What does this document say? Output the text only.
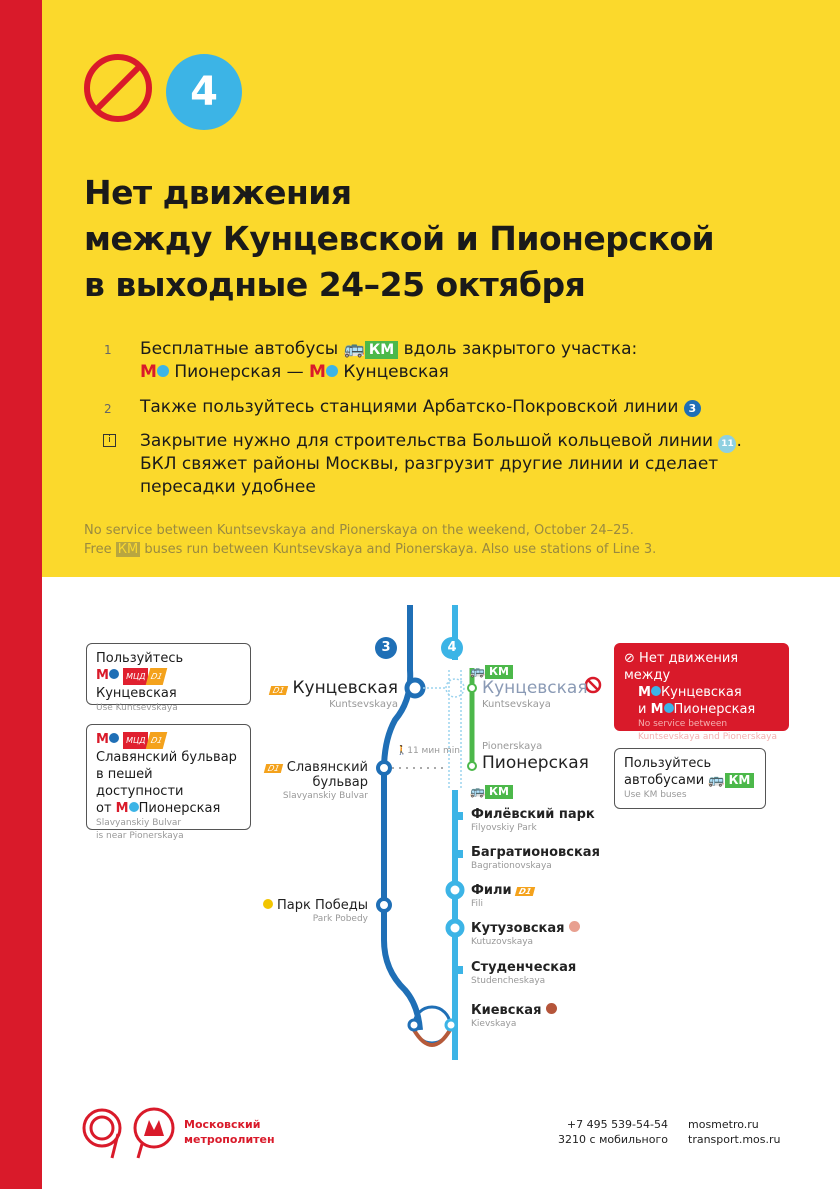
4
Нет движения
между Кунцевской и Пионерской
в выходные 24–25 октября
1 Бесплатные автобусы 🚌 КМ вдоль закрытого участка:
M Пионерская — M Кунцевская
2 Также пользуйтесь станциями Арбатско-Покровской линии 3
i	Закрытие нужно для строительства Большой кольцевой линии 11 .
БКЛ свяжет районы Москвы, разгрузит другие линии и сделает
пересадки удобнее
No service between Kuntsevskaya and Pionerskaya on the weekend, October 24–25.
Free КМ buses run between Kuntsevskaya and Pionerskaya. Also use stations of Line 3.
3	4
D1 Кунцевская
Kuntsevskaya
D1 Славянский
бульвар
Slavyanskiy Bulvar
🚶11 мин min
Парк Победы
Park Pobedy
🚌 КМ
Кунцевская
Kuntsevskaya
Pionerskaya
Пионерская
🚌 КМ
Филёвский парк
Filyovskiy Park
Багратионовская
Bagrationovskaya
Фили D1
Fili
Кутузовская
Kutuzovskaya
Студенческая
Studencheskaya
Киевская
Kievskaya
Пользуйтесь
M МЦД D1 Кунцевская
Use Kuntsevskaya
M МЦД D1
Славянский бульвар
в пешей доступности
от M Пионерская
Slavyanskiy Bulvar
is near Pionerskaya
⊘ Нет движения между
M Кунцевская
и M Пионерская
No service between
Kuntsevskaya and Pionerskaya
Пользуйтесь
автобусами 🚌 КМ
Use KM buses
Московский
метрополитен
+7 495 539-54-54
3210 с мобильного
mosmetro.ru
transport.mos.ru
